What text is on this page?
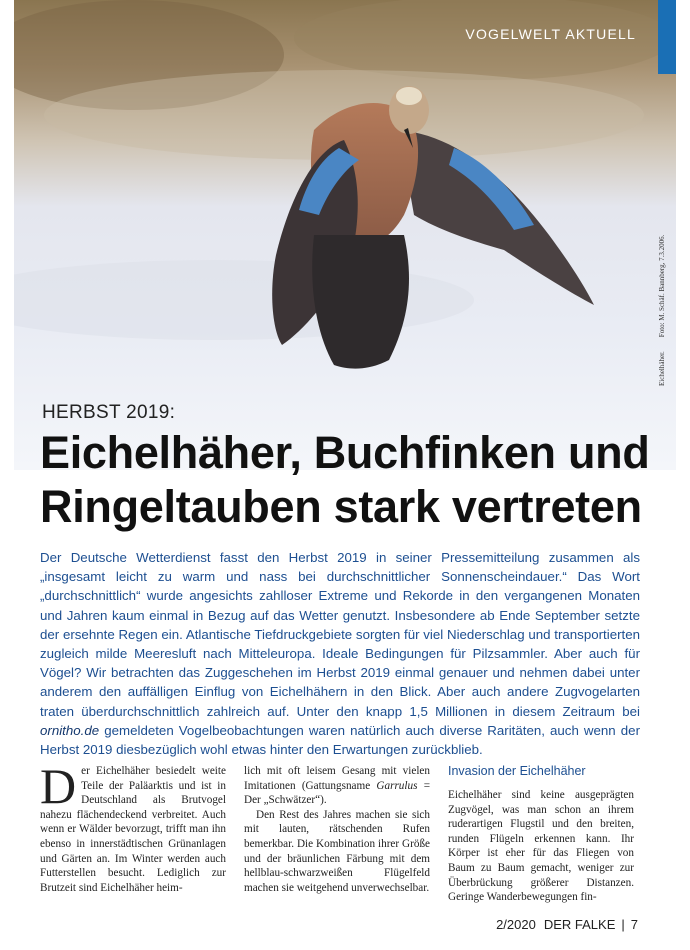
VOGELWELT AKTUELL
Eichelhäher.Foto: M. Schäf. Bannberg, 7.3.2006.
HERBST 2019:
Eichelhäher, Buchfinken und Ringeltauben stark vertreten

Der Deutsche Wetterdienst fasst den Herbst 2019 in seiner Pressemitteilung zusammen als „insgesamt leicht zu warm und nass bei durchschnittlicher Sonnenscheindauer.“ Das Wort „durchschnittlich“ wurde angesichts zahlloser Extreme und Rekorde in den vergangenen Monaten und Jahren kaum einmal in Bezug auf das Wetter genutzt. Insbesondere ab Ende September setzte der ersehnte Regen ein. Atlantische Tiefdruckgebiete sorgten für viel Niederschlag und transportierten zugleich milde Meeresluft nach Mitteleuropa. Ideale Bedingungen für Pilzsammler. Aber auch für Vögel? Wir betrachten das Zuggeschehen im Herbst 2019 einmal genauer und nehmen dabei unter anderem den auffälligen Einflug von Eichelhähern in den Blick. Aber auch andere Zugvogelarten traten überdurchschnittlich zahlreich auf. Unter den knapp 1,5 Millionen in diesem Zeitraum bei ornitho.de gemeldeten Vogelbeobachtungen waren natürlich auch diverse Raritäten, auch wenn der Herbst 2019 diesbezüglich wohl etwas hinter den Erwartungen zurückblieb.

D er Eichelhäher besiedelt weite Teile der Paläarktis und ist in Deutschland als Brutvogel nahezu flächendeckend verbreitet. Auch wenn er Wälder bevorzugt, trifft man ihn ebenso in innerstädtischen Grünanlagen und Gärten an. Im Winter werden auch Futterstellen besucht. Lediglich zur Brutzeit sind Eichelhäher heim-

lich mit oft leisem Gesang mit vielen Imitationen (Gattungsname Garrulus = Der „Schwätzer“).

Den Rest des Jahres machen sie sich mit lauten, rätschenden Rufen bemerkbar. Die Kombination ihrer Größe und der bräunlichen Färbung mit dem hellblau-schwarzweißen Flügelfeld machen sie weitgehend unverwechselbar.

Invasion der Eichelhäher

Eichelhäher sind keine ausgeprägten Zugvögel, was man schon an ihrem ruderartigen Flugstil und den breiten, runden Flügeln erkennen kann. Ihr Körper ist eher für das Fliegen von Baum zu Baum gemacht, weniger zur Überbrückung größerer Distanzen. Geringe Wanderbewegungen fin-

2/2020 DER FALKE | 7
